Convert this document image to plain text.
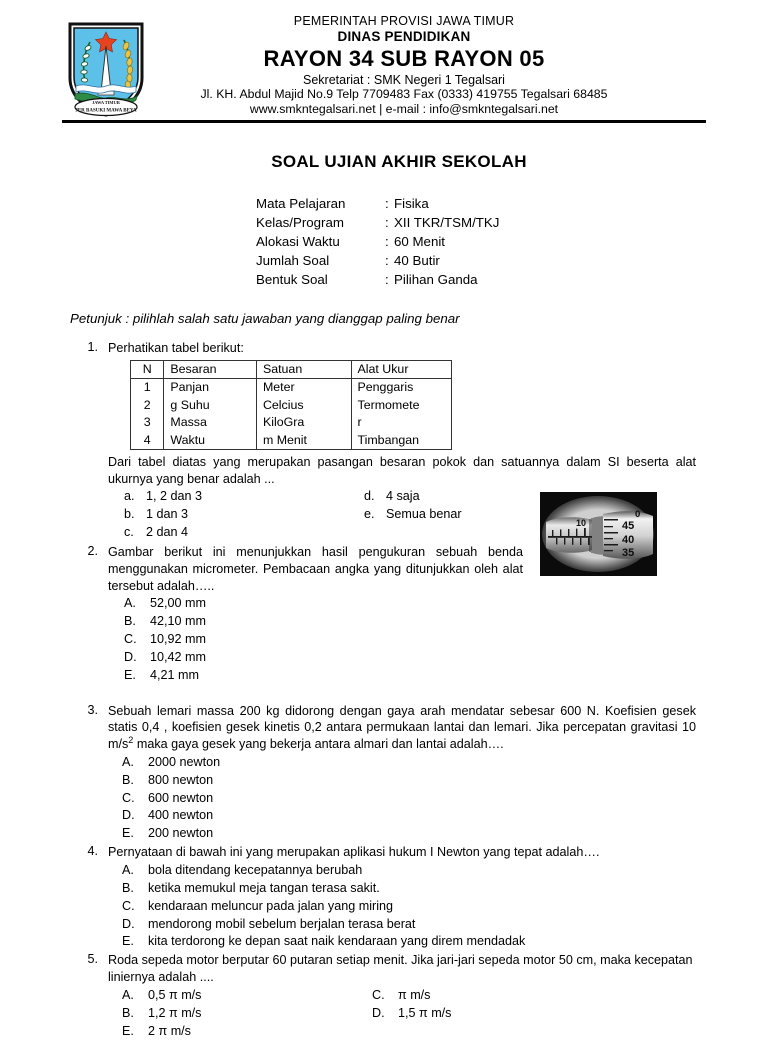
JAWA TIMUR
JER BASUKI MAWA BEYA
PEMERINTAH PROVISI JAWA TIMUR
DINAS PENDIDIKAN
RAYON 34 SUB RAYON 05
Sekretariat : SMK Negeri 1 Tegalsari
Jl. KH. Abdul Majid No.9 Telp 7709483 Fax (0333) 419755 Tegalsari 68485
www.smkntegalsari.net | e-mail : info@smkntegalsari.net
SOAL UJIAN AKHIR SEKOLAH
Mata Pelajaran	: Fisika
Kelas/Program	: XII TKR/TSM/TKJ
Alokasi Waktu	: 60 Menit
Jumlah Soal	: 40 Butir
Bentuk Soal	: Pilihan Ganda
Petunjuk : pilihlah salah satu jawaban yang dianggap paling benar
1. Perhatikan tabel berikut:
N	Besaran	Satuan	Alat Ukur
1	Panjan	Meter	Penggaris
2	g Suhu	Celcius	Termomete
3	Massa	KiloGra	r
4	Waktu	m Menit	Timbangan
Dari tabel diatas yang merupakan pasangan besaran pokok dan satuannya dalam SI beserta alat ukurnya yang benar adalah ...
a. 1, 2 dan 3
b. 1 dan 3
c. 2 dan 4
d. 4 saja
e. Semua benar
2. Gambar berikut ini menunjukkan hasil pengukuran sebuah benda menggunakan micrometer. Pembacaan angka yang ditunjukkan oleh alat tersebut adalah…..
A.	52,00 mm
B.	42,10 mm
C.	10,92 mm
D.	10,42 mm
E.	4,21 mm
3. Sebuah lemari massa 200 kg didorong dengan gaya arah mendatar sebesar 600 N. Koefisien gesek statis 0,4 , koefisien gesek kinetis 0,2 antara permukaan lantai dan lemari. Jika percepatan gravitasi 10 $m/s^2$ maka gaya gesek yang bekerja antara almari dan lantai adalah….
A.	2000 newton
B.	800 newton
C.	600 newton
D.	400 newton
E.	200 newton
4. Pernyataan di bawah ini yang merupakan aplikasi hukum I Newton yang tepat adalah….
A.	bola ditendang kecepatannya berubah
B.	ketika memukul meja tangan terasa sakit.
C.	kendaraan meluncur pada jalan yang miring
D.	mendorong mobil sebelum berjalan terasa berat
E.	kita terdorong ke depan saat naik kendaraan yang direm mendadak
5. Roda sepeda motor berputar 60 putaran setiap menit. Jika jari-jari sepeda motor 50 cm, maka kecepatan liniernya adalah ....
A.	0,5 π m/s
B.	1,2 π m/s
E.	2 π m/s
C.	π m/s
D.	1,5 π m/s
10
0
45
40
35
